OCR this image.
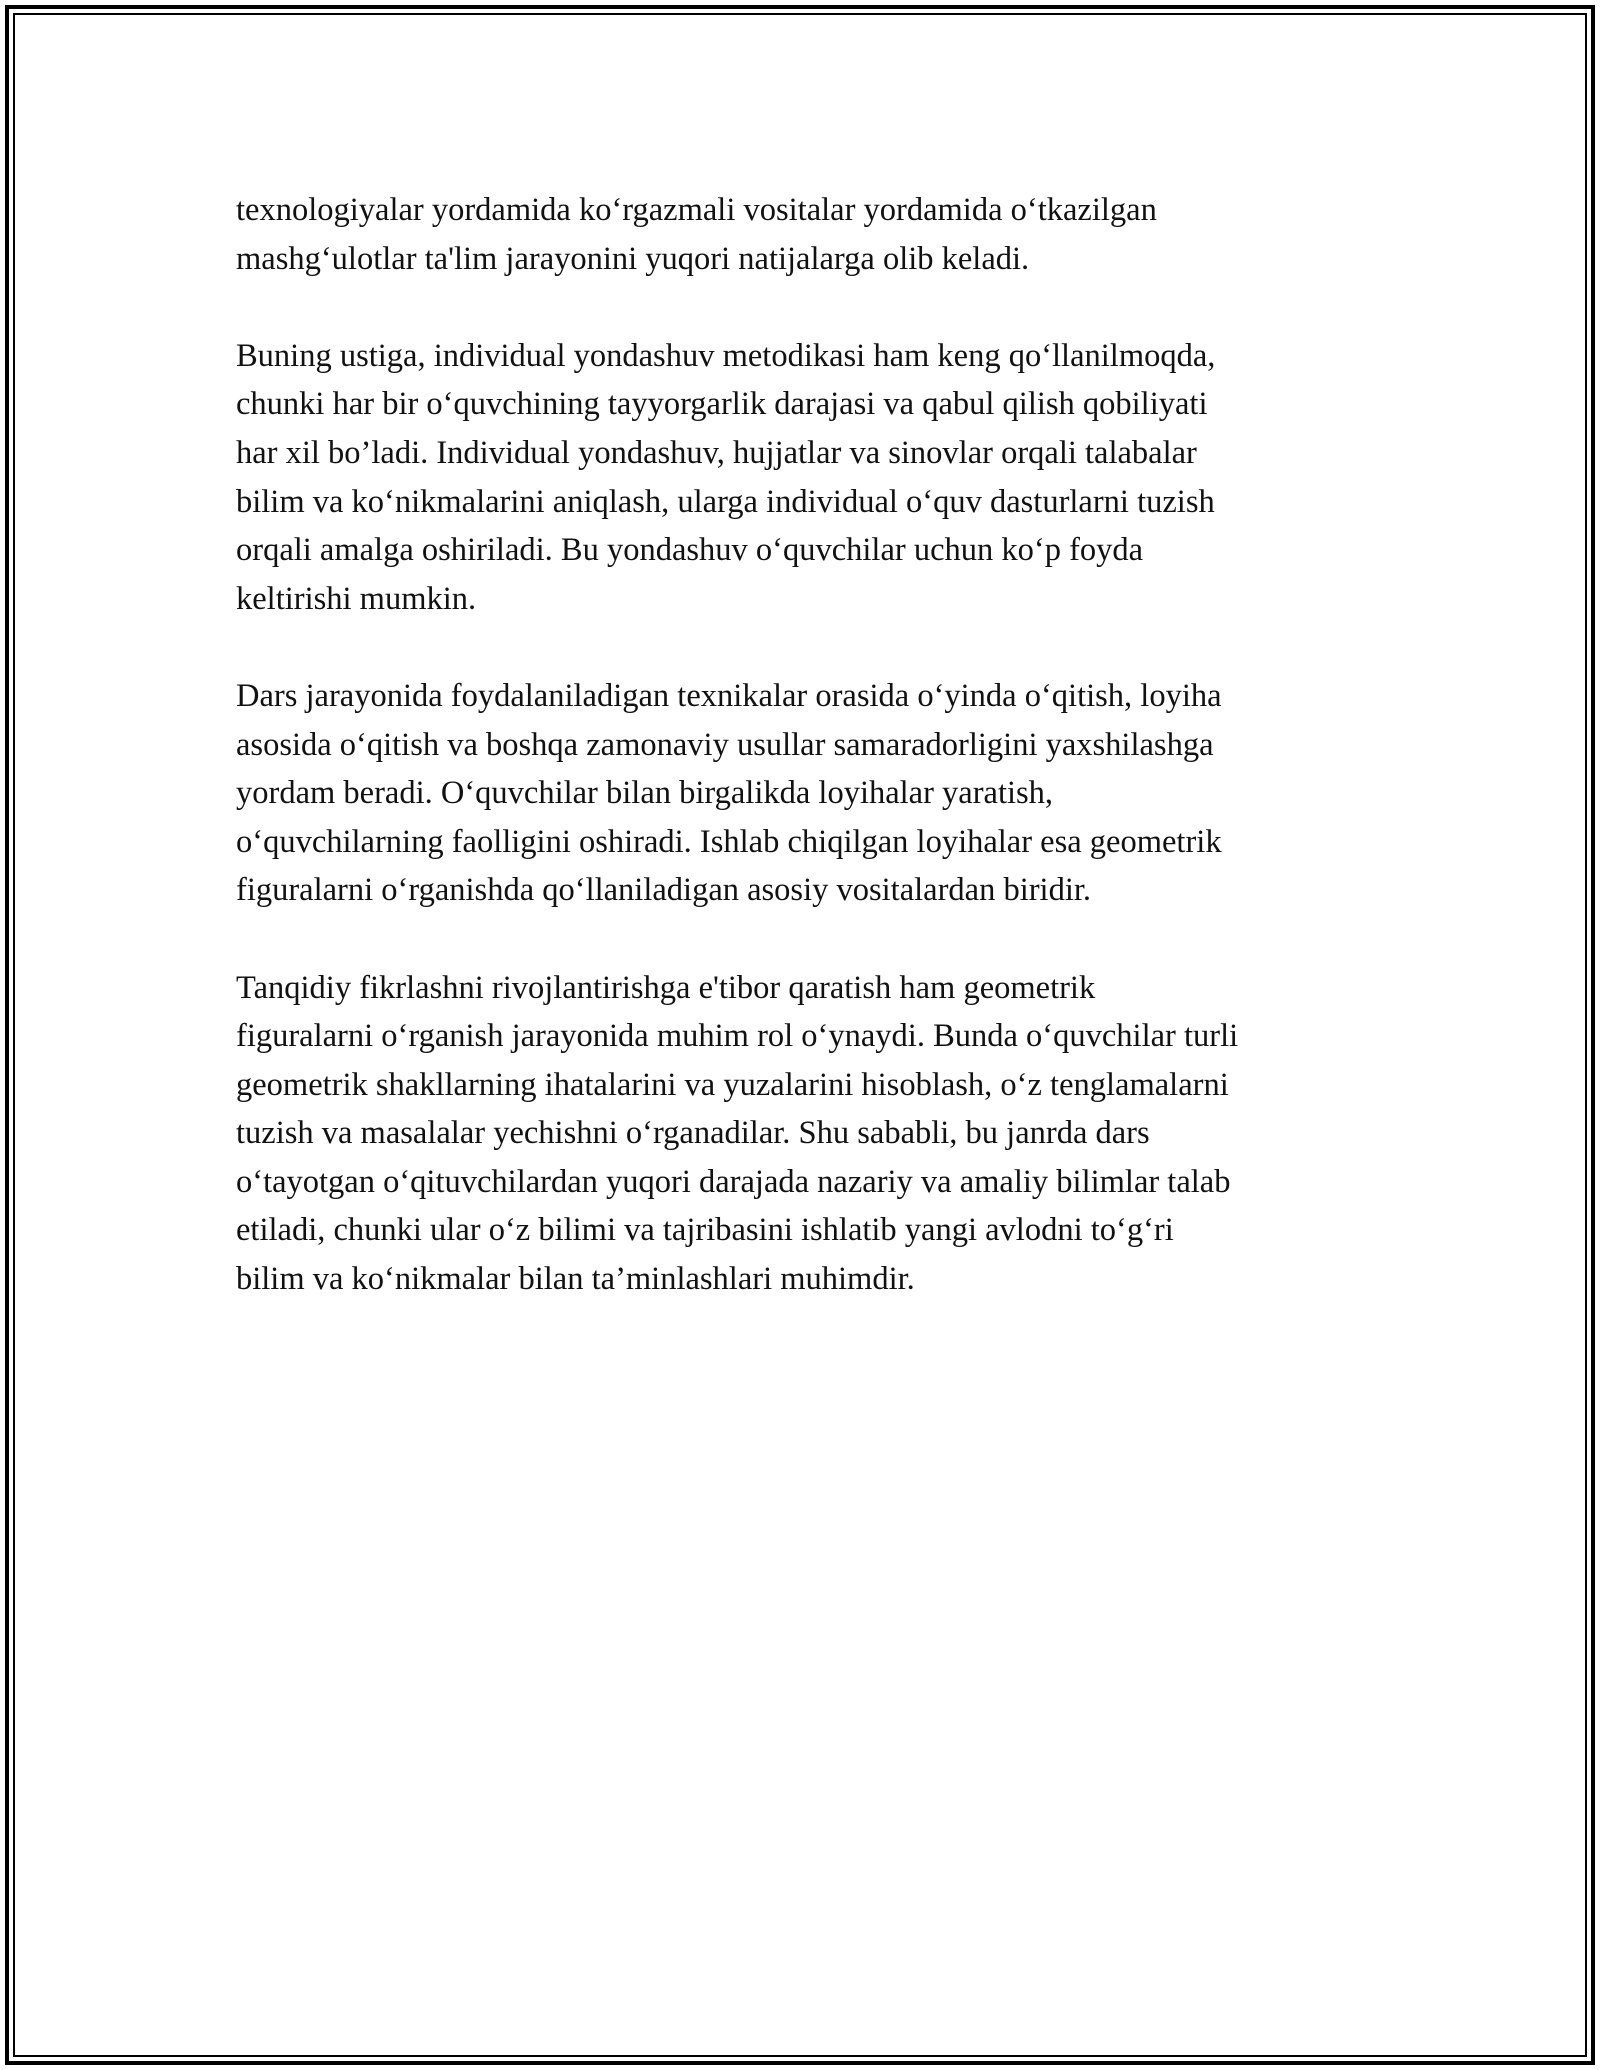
texnologiyalar yordamida ko‘rgazmali vositalar yordamida o‘tkazilgan
mashg‘ulotlar ta'lim jarayonini yuqori natijalarga olib keladi.

Buning ustiga, individual yondashuv metodikasi ham keng qo‘llanilmoqda,
chunki har bir o‘quvchining tayyorgarlik darajasi va qabul qilish qobiliyati
har xil bo’ladi. Individual yondashuv, hujjatlar va sinovlar orqali talabalar
bilim va ko‘nikmalarini aniqlash, ularga individual o‘quv dasturlarni tuzish
orqali amalga oshiriladi. Bu yondashuv o‘quvchilar uchun ko‘p foyda
keltirishi mumkin.

Dars jarayonida foydalaniladigan texnikalar orasida o‘yinda o‘qitish, loyiha
asosida o‘qitish va boshqa zamonaviy usullar samaradorligini yaxshilashga
yordam beradi. O‘quvchilar bilan birgalikda loyihalar yaratish,
o‘quvchilarning faolligini oshiradi. Ishlab chiqilgan loyihalar esa geometrik
figuralarni o‘rganishda qo‘llaniladigan asosiy vositalardan biridir.

Tanqidiy fikrlashni rivojlantirishga e'tibor qaratish ham geometrik
figuralarni o‘rganish jarayonida muhim rol o‘ynaydi. Bunda o‘quvchilar turli
geometrik shakllarning ihatalarini va yuzalarini hisoblash, o‘z tenglamalarni
tuzish va masalalar yechishni o‘rganadilar. Shu sababli, bu janrda dars
o‘tayotgan o‘qituvchilardan yuqori darajada nazariy va amaliy bilimlar talab
etiladi, chunki ular o‘z bilimi va tajribasini ishlatib yangi avlodni to‘g‘ri
bilim va ko‘nikmalar bilan ta’minlashlari muhimdir.
